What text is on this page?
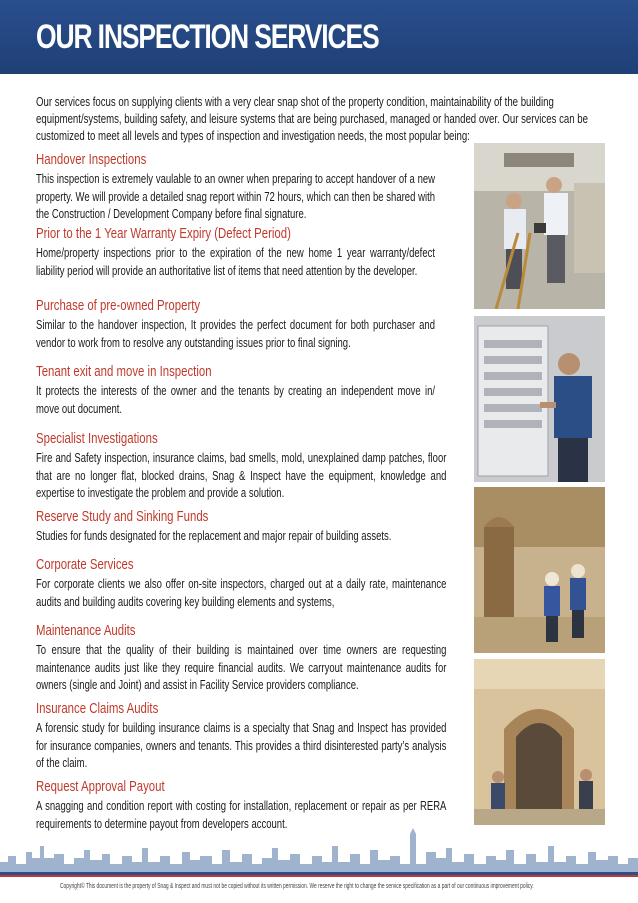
OUR INSPECTION SERVICES
Our services focus on supplying clients with a very clear snap shot of the property condition, maintainability of the building equipment/systems, building safety, and leisure systems that are being purchased, managed or handed over. Our services can be customized to meet all levels and types of inspection and investigation needs, the most popular being:
Handover Inspections
This inspection is extremely vaulable to an owner when preparing to accept handover of a new property. We will provide a detailed snag report within 72 hours, which can then be shared with the Construction / Development Company before final signature.
Prior to the 1 Year Warranty Expiry (Defect Period)
Home/property inspections prior to the expiration of the new home 1 year warranty/defect liability period will provide an authoritative list of items that need attention by the developer.
Purchase of pre-owned Property
Similar to the handover inspection, It provides the perfect document for both purchaser and vendor to work from to resolve any outstanding issues prior to final signing.
Tenant exit and move in Inspection
It protects the interests of the owner and the tenants by creating an independent move in/ move out document.
Specialist Investigations
Fire and Safety inspection, insurance claims, bad smells, mold, unexplained damp patches, floor that are no longer flat, blocked drains, Snag & Inspect have the equipment, knowledge and expertise to investigate the problem and provide a solution.
Reserve Study and Sinking Funds
Studies for funds designated for the replacement and major repair of building assets.
Corporate Services
For corporate clients we also offer on-site inspectors, charged out at a daily rate, maintenance audits and building audits covering key building elements and systems,
Maintenance Audits
To ensure that the quality of their building is maintained over time owners are requesting maintenance audits just like they require financial audits. We carryout maintenance audits for owners (single and Joint) and assist in Facility Service providers compliance.
Insurance Claims Audits
A forensic study for building insurance claims is a specialty that Snag and Inspect has provided for insurance companies, owners and tenants. This provides a third disinterested party’s analysis of the claim.
Request Approval Payout
A snagging and condition report with costing for installation, replacement or repair as per RERA requirements to determine payout from developers account.
Copyright© This document is the property of Snag & Inspect and must not be copied without its written permission. We reserve the right to change the service specification as a part of our continuous improvement policy.
